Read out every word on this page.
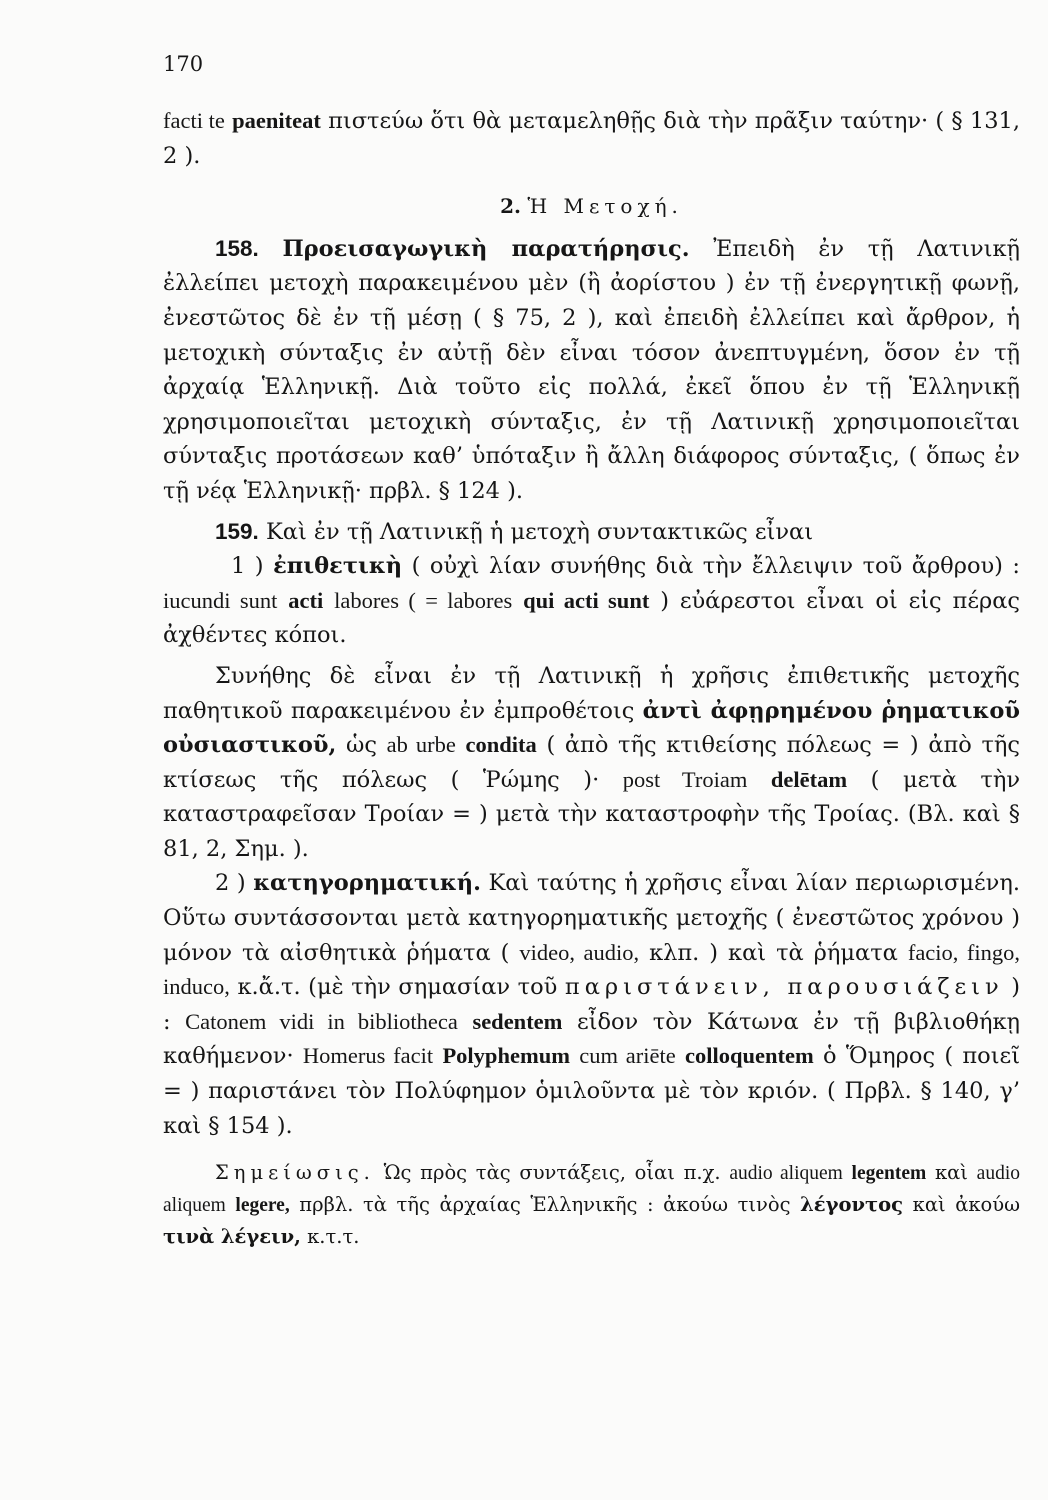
170

facti te paeniteat πιστεύω ὅτι θὰ μεταμεληθῇς διὰ τὴν πρᾶξιν ταύτην· ( § 131, 2 ).

2. Ἡ Μετοχή.

158. Προεισαγωγικὴ παρατήρησις. Ἐπειδὴ ἐν τῇ Λατινικῇ ἐλλείπει μετοχὴ παρακειμένου μὲν (ἢ ἀορίστου ) ἐν τῇ ἐνεργητικῇ φωνῇ, ἐνεστῶτος δὲ ἐν τῇ μέσῃ ( § 75, 2 ), καὶ ἐπειδὴ ἐλλείπει καὶ ἄρθρον, ἡ μετοχικὴ σύνταξις ἐν αὐτῇ δὲν εἶναι τόσον ἀνεπτυγμένη, ὅσον ἐν τῇ ἀρχαίᾳ Ἑλληνικῇ. Διὰ τοῦτο εἰς πολλά, ἐκεῖ ὅπου ἐν τῇ Ἑλληνικῇ χρησιμοποιεῖται μετοχικὴ σύνταξις, ἐν τῇ Λατινικῇ χρησιμοποιεῖται σύνταξις προτάσεων καθ’ ὑπόταξιν ἢ ἄλλη διάφορος σύνταξις, ( ὅπως ἐν τῇ νέᾳ Ἑλληνικῇ· πρβλ. § 124 ).

159. Καὶ ἐν τῇ Λατινικῇ ἡ μετοχὴ συντακτικῶς εἶναι

1 ) ἐπιθετικὴ ( οὐχὶ λίαν συνήθης διὰ τὴν ἔλλειψιν τοῦ ἄρθρου) : iucundi sunt acti labores ( = labores qui acti sunt ) εὐάρεστοι εἶναι οἱ εἰς πέρας ἀχθέντες κόποι.

Συνήθης δὲ εἶναι ἐν τῇ Λατινικῇ ἡ χρῆσις ἐπιθετικῆς μετοχῆς παθητικοῦ παρακειμένου ἐν ἐμπροθέτοις ἀντὶ ἀφῃρημένου ῥηματικοῦ οὐσιαστικοῦ, ὡς ab urbe condita ( ἀπὸ τῆς κτιθείσης πόλεως = ) ἀπὸ τῆς κτίσεως τῆς πόλεως ( Ῥώμης )· post Troiam delētam ( μετὰ τὴν καταστραφεῖσαν Τροίαν = ) μετὰ τὴν καταστροφὴν τῆς Τροίας. (Βλ. καὶ § 81, 2, Σημ. ).

2 ) κατηγορηματική. Καὶ ταύτης ἡ χρῆσις εἶναι λίαν περιωρισμένη. Οὕτω συντάσσονται μετὰ κατηγορηματικῆς μετοχῆς ( ἐνεστῶτος χρόνου ) μόνον τὰ αἰσθητικὰ ῥήματα ( video, audio, κλπ. ) καὶ τὰ ῥήματα facio, fingo, induco, κ.ἄ.τ. (μὲ τὴν σημασίαν τοῦ παριστάνειν, παρουσιάζειν ) : Catonem vidi in bibliotheca sedentem εἶδον τὸν Κάτωνα ἐν τῇ βιβλιοθήκῃ καθήμενον· Homerus facit Polyphemum cum ariēte colloquentem ὁ Ὅμηρος ( ποιεῖ = ) παριστάνει τὸν Πολύφημον ὁμιλοῦντα μὲ τὸν κριόν. ( Πρβλ. § 140, γ’ καὶ § 154 ).

Σημείωσις. Ὡς πρὸς τὰς συντάξεις, οἷαι π.χ. audio aliquem legentem καὶ audio aliquem legere, πρβλ. τὰ τῆς ἀρχαίας Ἑλληνικῆς : ἀκούω τινὸς λέγοντος καὶ ἀκούω τινὰ λέγειν, κ.τ.τ.
